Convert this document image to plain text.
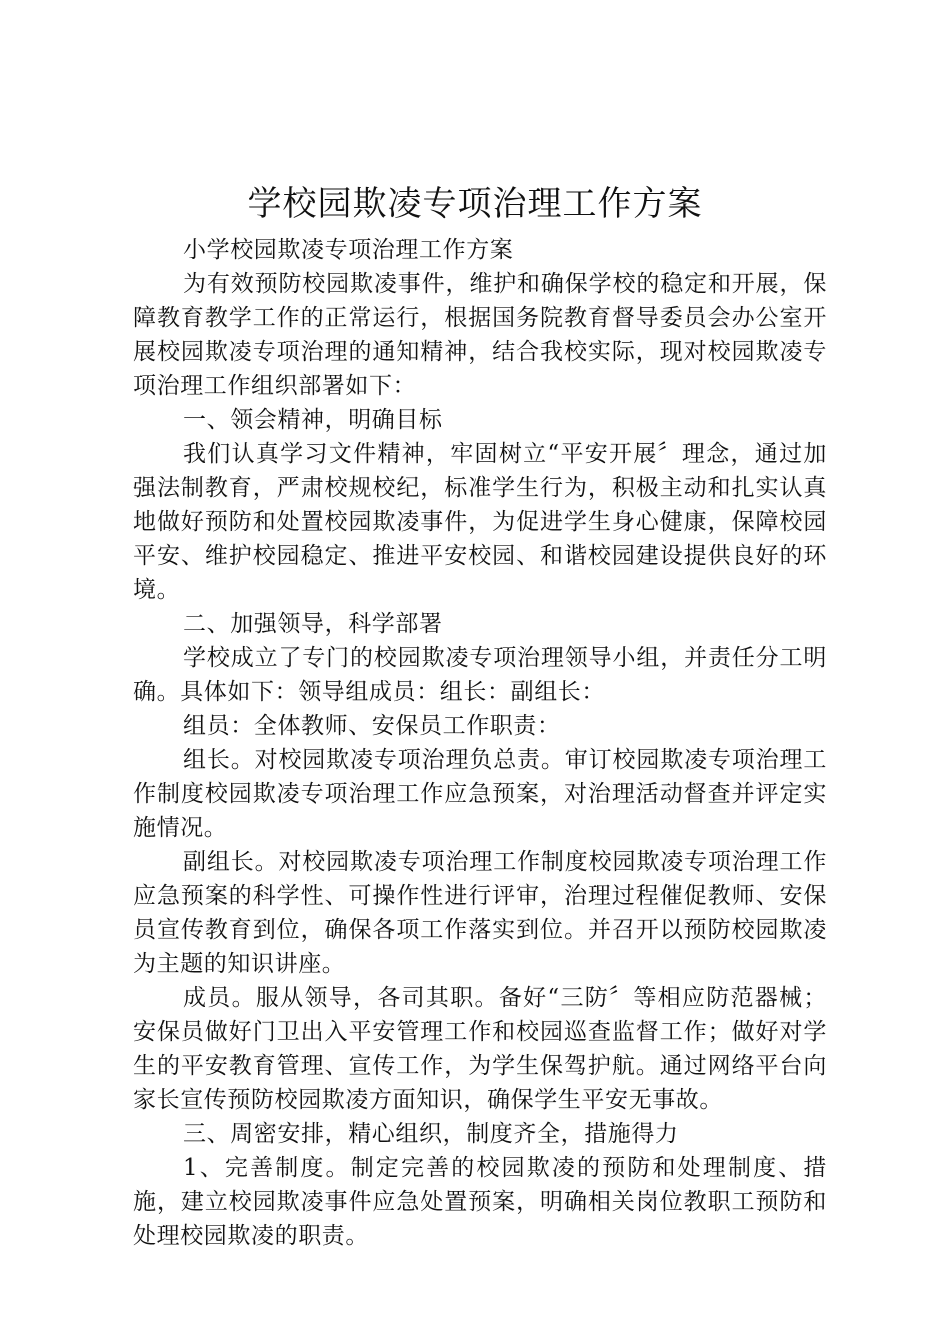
学校园欺凌专项治理工作方案

小学校园欺凌专项治理工作方案

为有效预防校园欺凌事件，维护和确保学校的稳定和开展，保障教育教学工作的正常运行，根据国务院教育督导委员会办公室开展校园欺凌专项治理的通知精神，结合我校实际，现对校园欺凌专项治理工作组织部署如下：

一、领会精神，明确目标

我们认真学习文件精神，牢固树立“平安开展〞理念，通过加强法制教育，严肃校规校纪，标准学生行为，积极主动和扎实认真地做好预防和处置校园欺凌事件，为促进学生身心健康，保障校园平安、维护校园稳定、推进平安校园、和谐校园建设提供良好的环境。

二、加强领导，科学部署

学校成立了专门的校园欺凌专项治理领导小组，并责任分工明确。具体如下：领导组成员：组长：副组长：

组员：全体教师、安保员工作职责：

组长。对校园欺凌专项治理负总责。审订校园欺凌专项治理工作制度校园欺凌专项治理工作应急预案，对治理活动督查并评定实施情况。

副组长。对校园欺凌专项治理工作制度校园欺凌专项治理工作应急预案的科学性、可操作性进行评审，治理过程催促教师、安保员宣传教育到位，确保各项工作落实到位。并召开以预防校园欺凌为主题的知识讲座。

成员。服从领导，各司其职。备好“三防〞等相应防范器械；安保员做好门卫出入平安管理工作和校园巡查监督工作；做好对学生的平安教育管理、宣传工作，为学生保驾护航。通过网络平台向家长宣传预防校园欺凌方面知识，确保学生平安无事故。

三、周密安排，精心组织，制度齐全，措施得力

1、完善制度。制定完善的校园欺凌的预防和处理制度、措施，建立校园欺凌事件应急处置预案，明确相关岗位教职工预防和处理校园欺凌的职责。
